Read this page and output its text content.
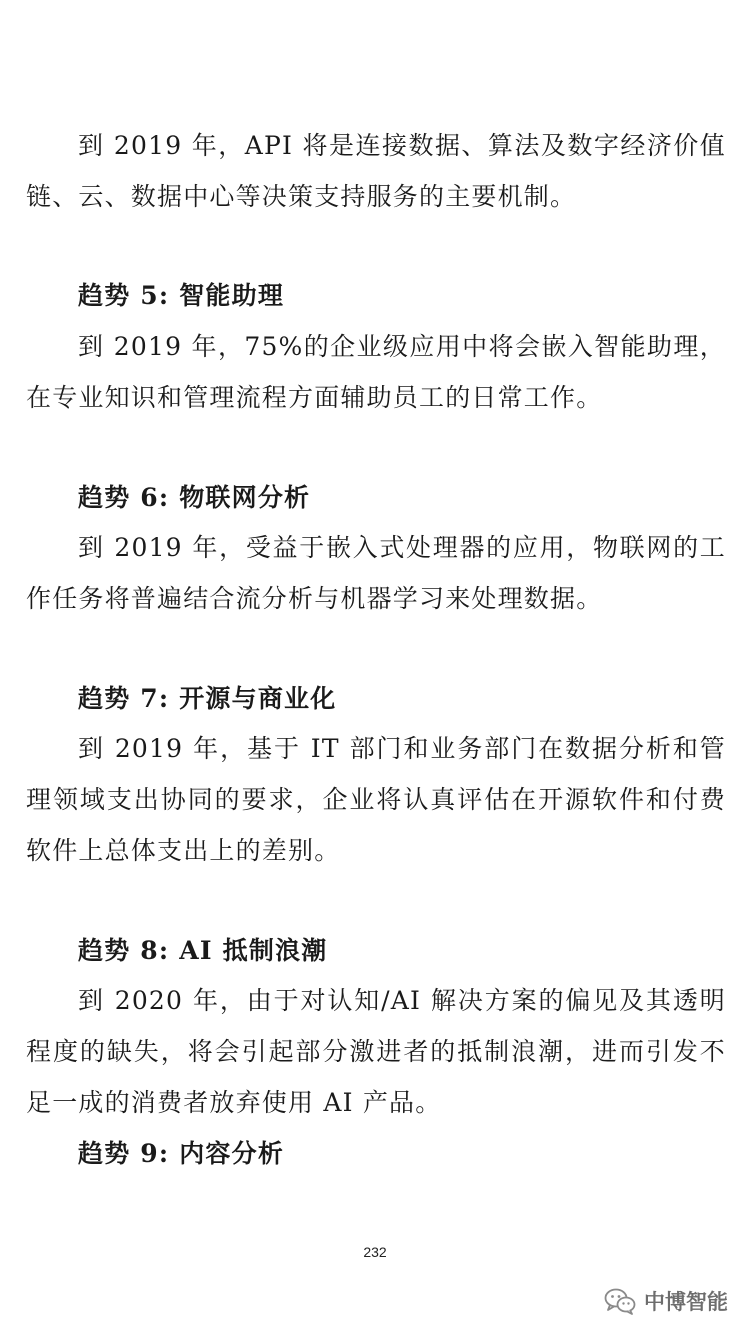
到 2019 年，API 将是连接数据、算法及数字经济价值链、云、数据中心等决策支持服务的主要机制。

趋势 5: 智能助理

到 2019 年，75%的企业级应用中将会嵌入智能助理，在专业知识和管理流程方面辅助员工的日常工作。

趋势 6: 物联网分析

到 2019 年，受益于嵌入式处理器的应用，物联网的工作任务将普遍结合流分析与机器学习来处理数据。

趋势 7: 开源与商业化

到 2019 年，基于 IT 部门和业务部门在数据分析和管理领域支出协同的要求，企业将认真评估在开源软件和付费软件上总体支出上的差别。

趋势 8: AI 抵制浪潮

到 2020 年，由于对认知/AI 解决方案的偏见及其透明程度的缺失，将会引起部分激进者的抵制浪潮，进而引发不足一成的消费者放弃使用 AI 产品。

趋势 9: 内容分析
232
中博智能
